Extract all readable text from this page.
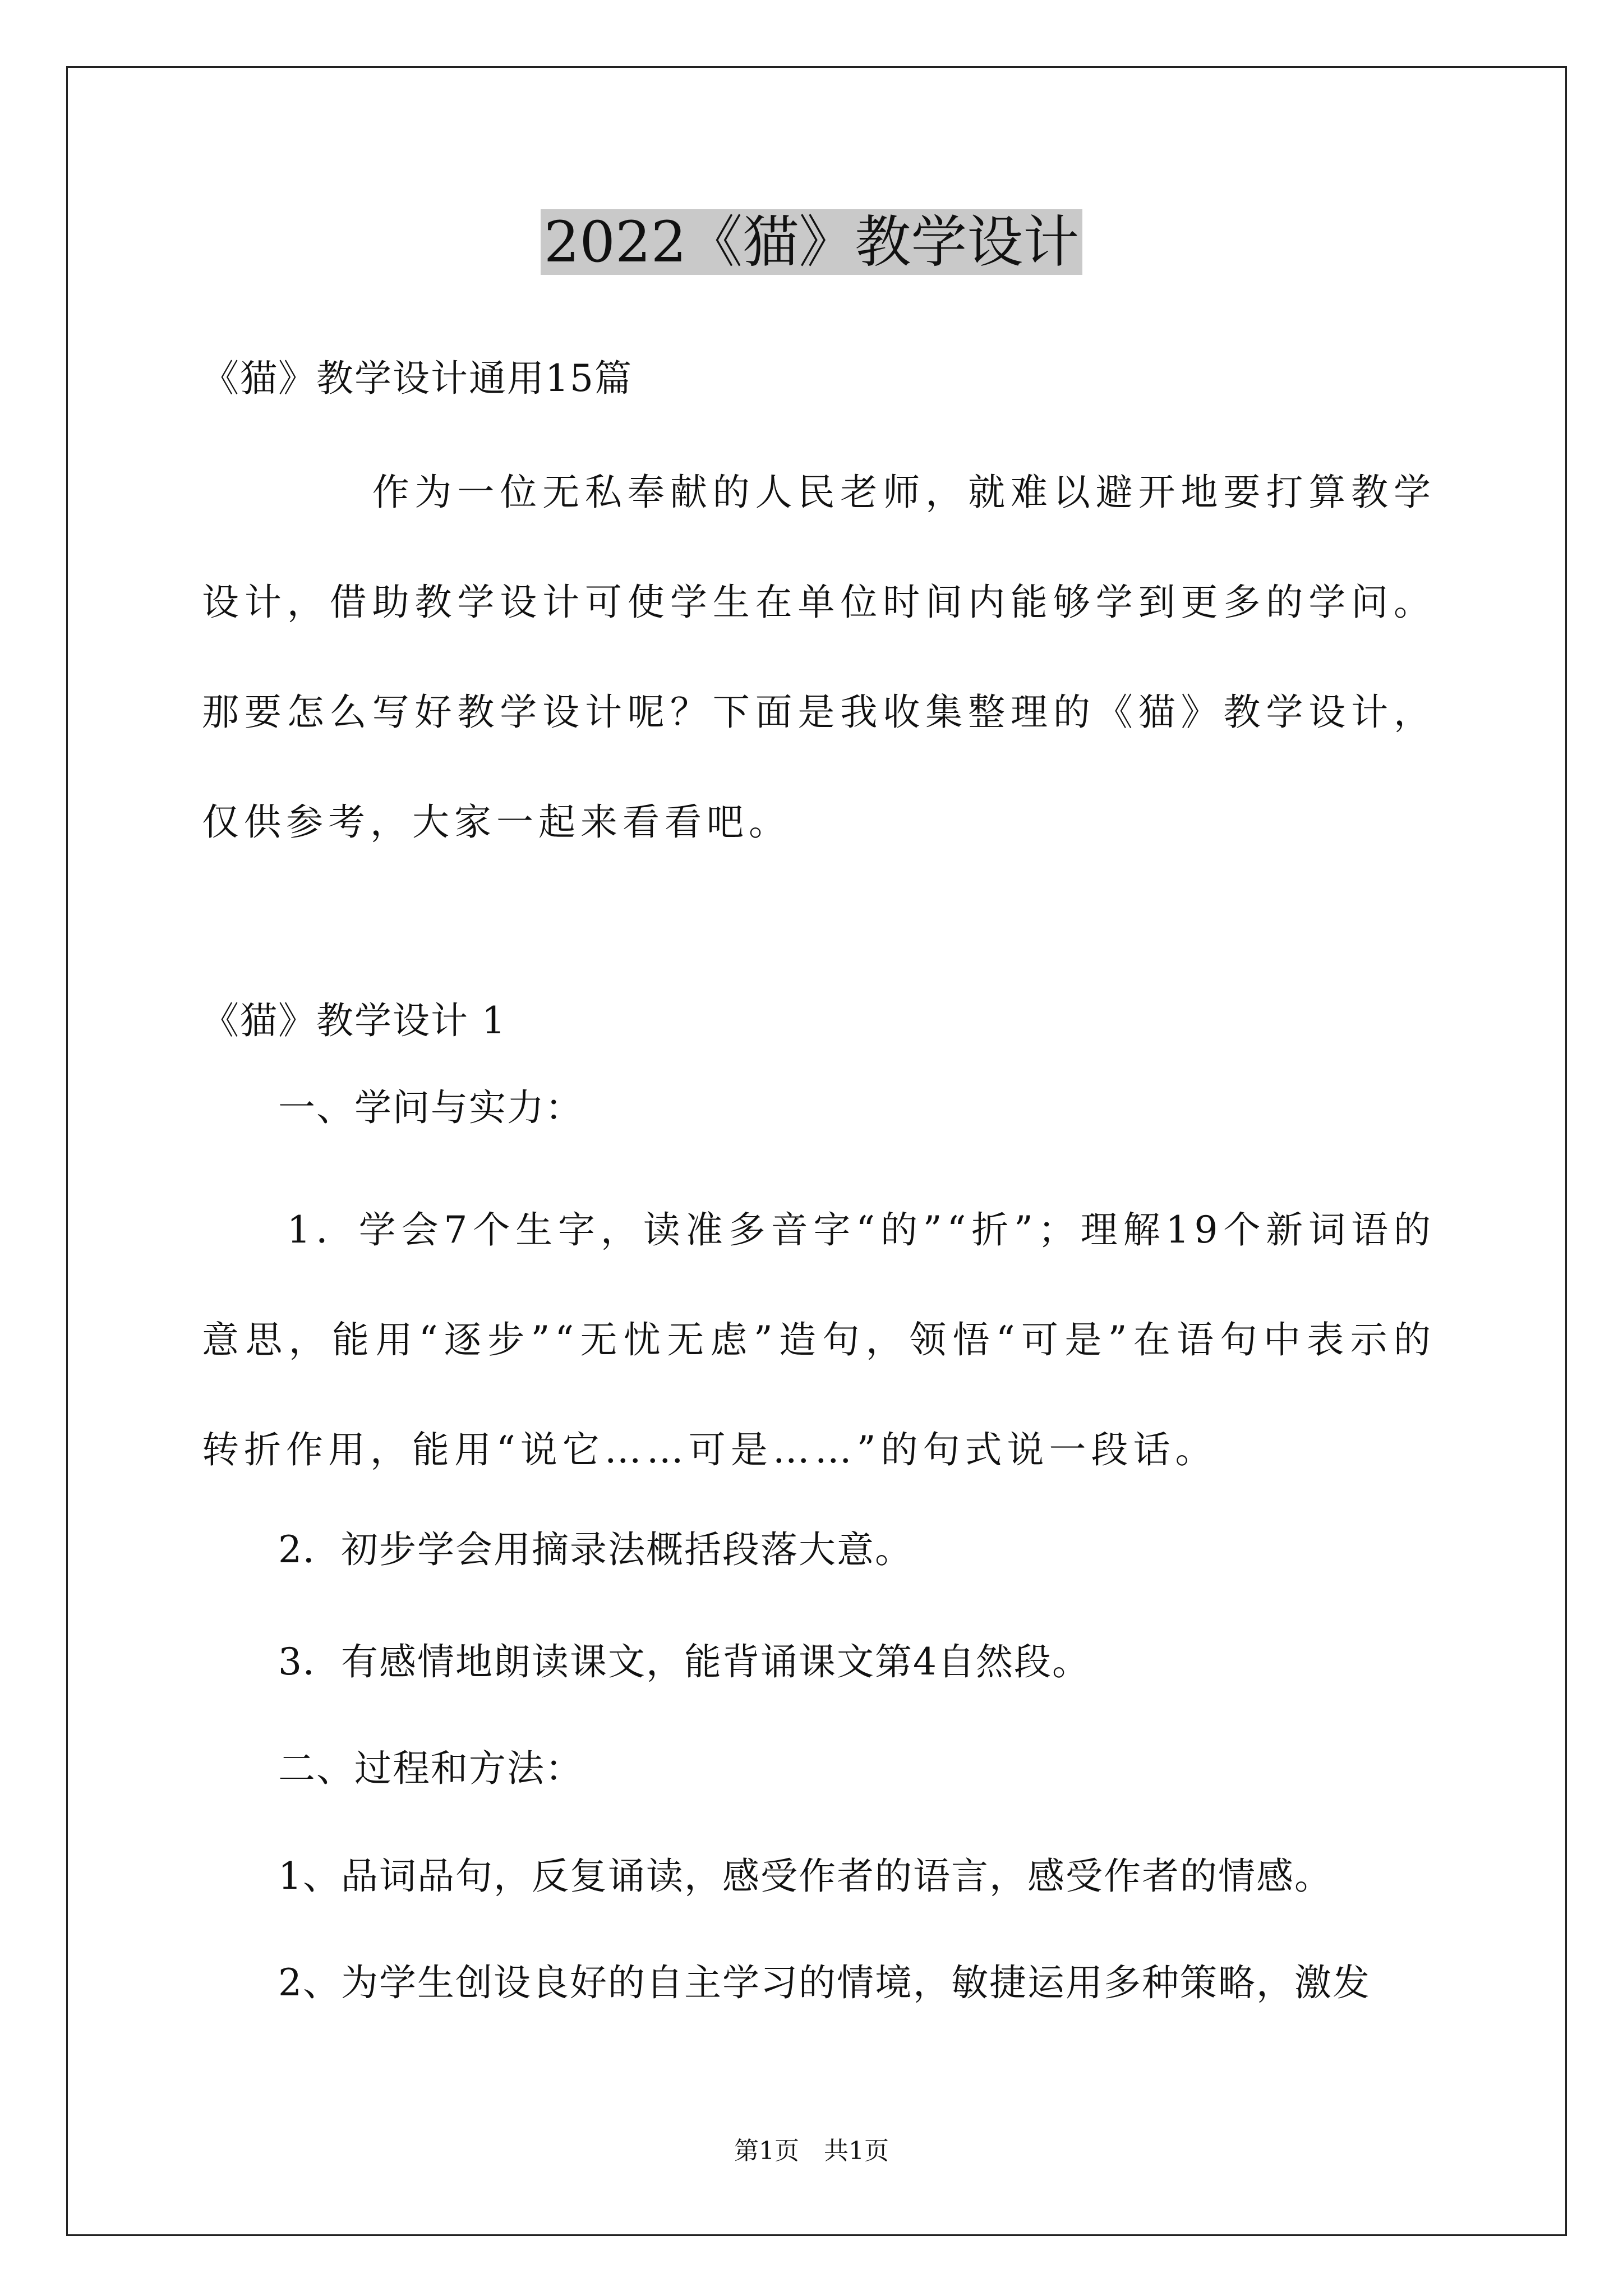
2022《猫》教学设计
《猫》教学设计通用15篇
　　　　作为一位无私奉献的人民老师，就难以避开地要打算教学设计，借助教学设计可使学生在单位时间内能够学到更多的学问。那要怎么写好教学设计呢？下面是我收集整理的《猫》教学设计，仅供参考，大家一起来看看吧。
《猫》教学设计 1
　　一、学问与实力：
　　1．学会7个生字，读准多音字“的”“折”；理解19个新词语的意思，能用“逐步”“无忧无虑”造句，领悟“可是”在语句中表示的转折作用，能用“说它……可是……”的句式说一段话。
　　2．初步学会用摘录法概括段落大意。
　　3．有感情地朗读课文，能背诵课文第4自然段。
　　二、过程和方法：
　　1、品词品句，反复诵读，感受作者的语言，感受作者的情感。
　　2、为学生创设良好的自主学习的情境，敏捷运用多种策略，激发
第1页　共1页
